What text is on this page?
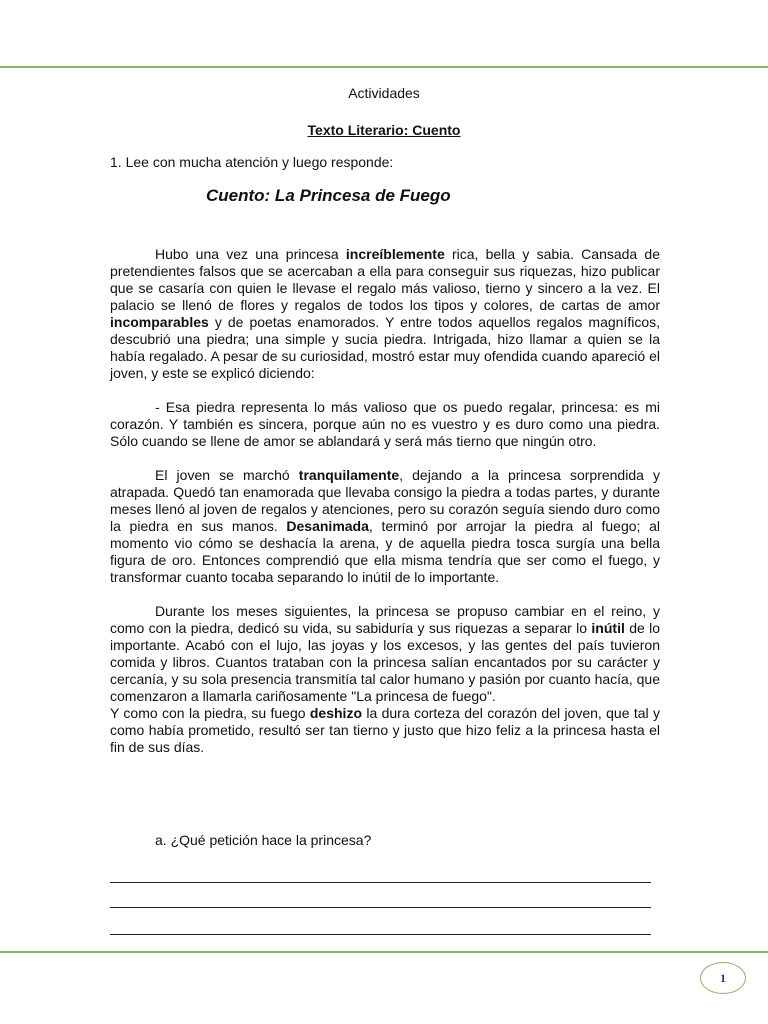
Actividades
Texto Literario: Cuento
1. Lee con mucha atención y luego responde:
Cuento: La Princesa de Fuego

Hubo una vez una princesa increíblemente rica, bella y sabia. Cansada de pretendientes falsos que se acercaban a ella para conseguir sus riquezas, hizo publicar que se casaría con quien le llevase el regalo más valioso, tierno y sincero a la vez. El palacio se llenó de flores y regalos de todos los tipos y colores, de cartas de amor incomparables y de poetas enamorados. Y entre todos aquellos regalos magníficos, descubrió una piedra; una simple y sucia piedra. Intrigada, hizo llamar a quien se la había regalado. A pesar de su curiosidad, mostró estar muy ofendida cuando apareció el joven, y este se explicó diciendo:

- Esa piedra representa lo más valioso que os puedo regalar, princesa: es mi corazón. Y también es sincera, porque aún no es vuestro y es duro como una piedra. Sólo cuando se llene de amor se ablandará y será más tierno que ningún otro.

El joven se marchó tranquilamente, dejando a la princesa sorprendida y atrapada. Quedó tan enamorada que llevaba consigo la piedra a todas partes, y durante meses llenó al joven de regalos y atenciones, pero su corazón seguía siendo duro como la piedra en sus manos. Desanimada, terminó por arrojar la piedra al fuego; al momento vio cómo se deshacía la arena, y de aquella piedra tosca surgía una bella figura de oro. Entonces comprendió que ella misma tendría que ser como el fuego, y transformar cuanto tocaba separando lo inútil de lo importante.

Durante los meses siguientes, la princesa se propuso cambiar en el reino, y como con la piedra, dedicó su vida, su sabiduría y sus riquezas a separar lo inútil de lo importante. Acabó con el lujo, las joyas y los excesos, y las gentes del país tuvieron comida y libros. Cuantos trataban con la princesa salían encantados por su carácter y cercanía, y su sola presencia transmitía tal calor humano y pasión por cuanto hacía, que comenzaron a llamarla cariñosamente "La princesa de fuego".

Y como con la piedra, su fuego deshizo la dura corteza del corazón del joven, que tal y como había prometido, resultó ser tan tierno y justo que hizo feliz a la princesa hasta el fin de sus días.

a. ¿Qué petición hace la princesa?
1
